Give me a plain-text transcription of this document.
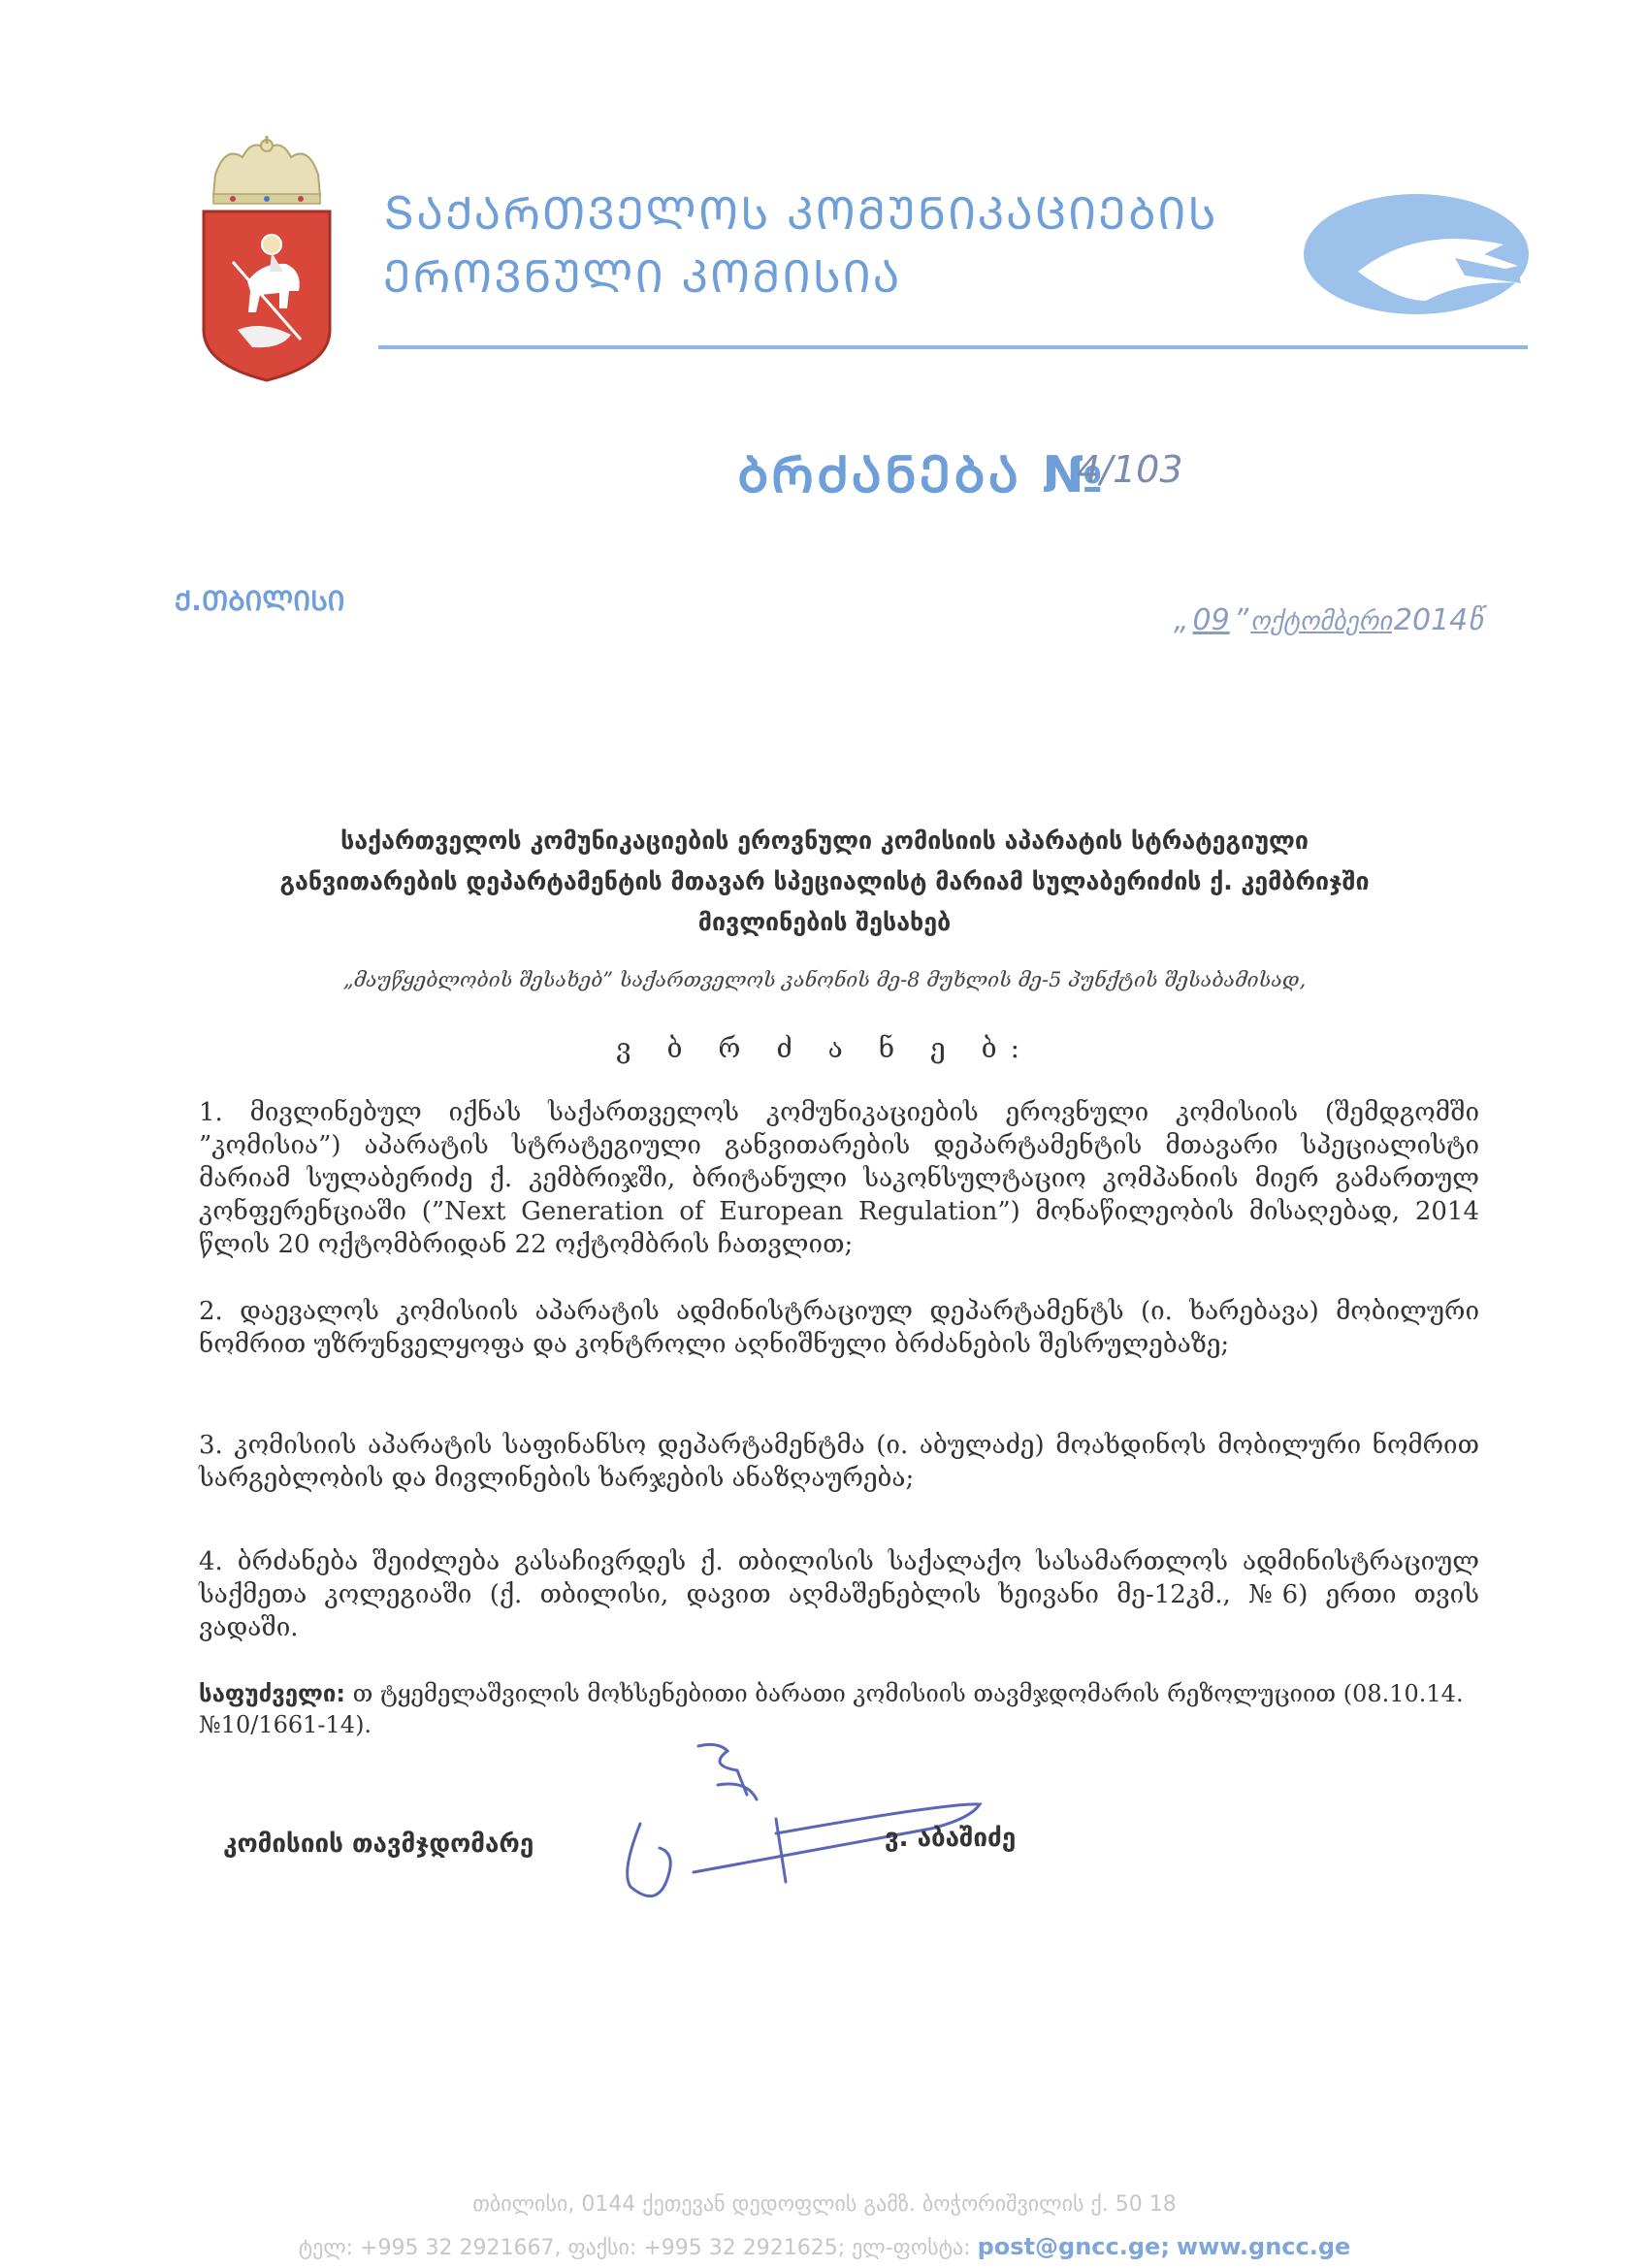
ՏᲐᲥᲐᲠᲗᲕᲔᲚᲝᲡ ᲙᲝᲛᲣᲜᲘᲙᲐᲪᲘᲔᲑᲘᲡ
ᲔᲠᲝᲕᲜᲣᲚᲘ ᲙᲝᲛᲘᲡᲘᲐ
ᲑᲠᲫᲐᲜᲔᲑᲐ №
4/103
Ქ.ᲗᲑᲘᲚᲘᲡᲘ
„ 09 ”ოქტომბერი2014წ
საქართველოს კომუნიკაციების ეროვნული კომისიის აპარატის სტრატეგიული
განვითარების დეპარტამენტის მთავარ სპეციალისტ მარიამ სულაბერიძის ქ. კემბრიჯში
მივლინების შესახებ
„მაუწყებლობის შესახებ” საქართველოს კანონის მე-8 მუხლის მე-5 პუნქტის შესაბამისად,
ვ ბ რ ძ ა ნ ე ბ:
1. მივლინებულ იქნას საქართველოს კომუნიკაციების ეროვნული კომისიის (შემდგომში ”კომისია”) აპარატის სტრატეგიული განვითარების დეპარტამენტის მთავარი სპეციალისტი მარიამ სულაბერიძე ქ. კემბრიჯში, ბრიტანული საკონსულტაციო კომპანიის მიერ გამართულ კონფერენციაში (”Next Generation of European Regulation”) მონაწილეობის მისაღებად, 2014 წლის 20 ოქტომბრიდან 22 ოქტომბრის ჩათვლით;
2. დაევალოს კომისიის აპარატის ადმინისტრაციულ დეპარტამენტს (ი. ხარებავა) მობილური ნომრით უზრუნველყოფა და კონტროლი აღნიშნული ბრძანების შესრულებაზე;
3. კომისიის აპარატის საფინანსო დეპარტამენტმა (ი. აბულაძე) მოახდინოს მობილური ნომრით სარგებლობის და მივლინების ხარჯების ანაზღაურება;
4. ბრძანება შეიძლება გასაჩივრდეს ქ. თბილისის საქალაქო სასამართლოს ადმინისტრაციულ საქმეთა კოლეგიაში (ქ. თბილისი, დავით აღმაშენებლის ხეივანი მე-12კმ., №6) ერთი თვის ვადაში.
საფუძველი: თ ტყემელაშვილის მოხსენებითი ბარათი კომისიის თავმჯდომარის რეზოლუციით (08.10.14. №10/1661-14).
კომისიის თავმჯდომარე	ვ. აბაშიძე
თბილისი, 0144 ქეთევან დედოფლის გამზ. ბოჭორიშვილის ქ. 50 18
ტელ: +995 32 2921667, ფაქსი: +995 32 2921625; ელ-ფოსტა: post@gncc.ge; www.gncc.ge
